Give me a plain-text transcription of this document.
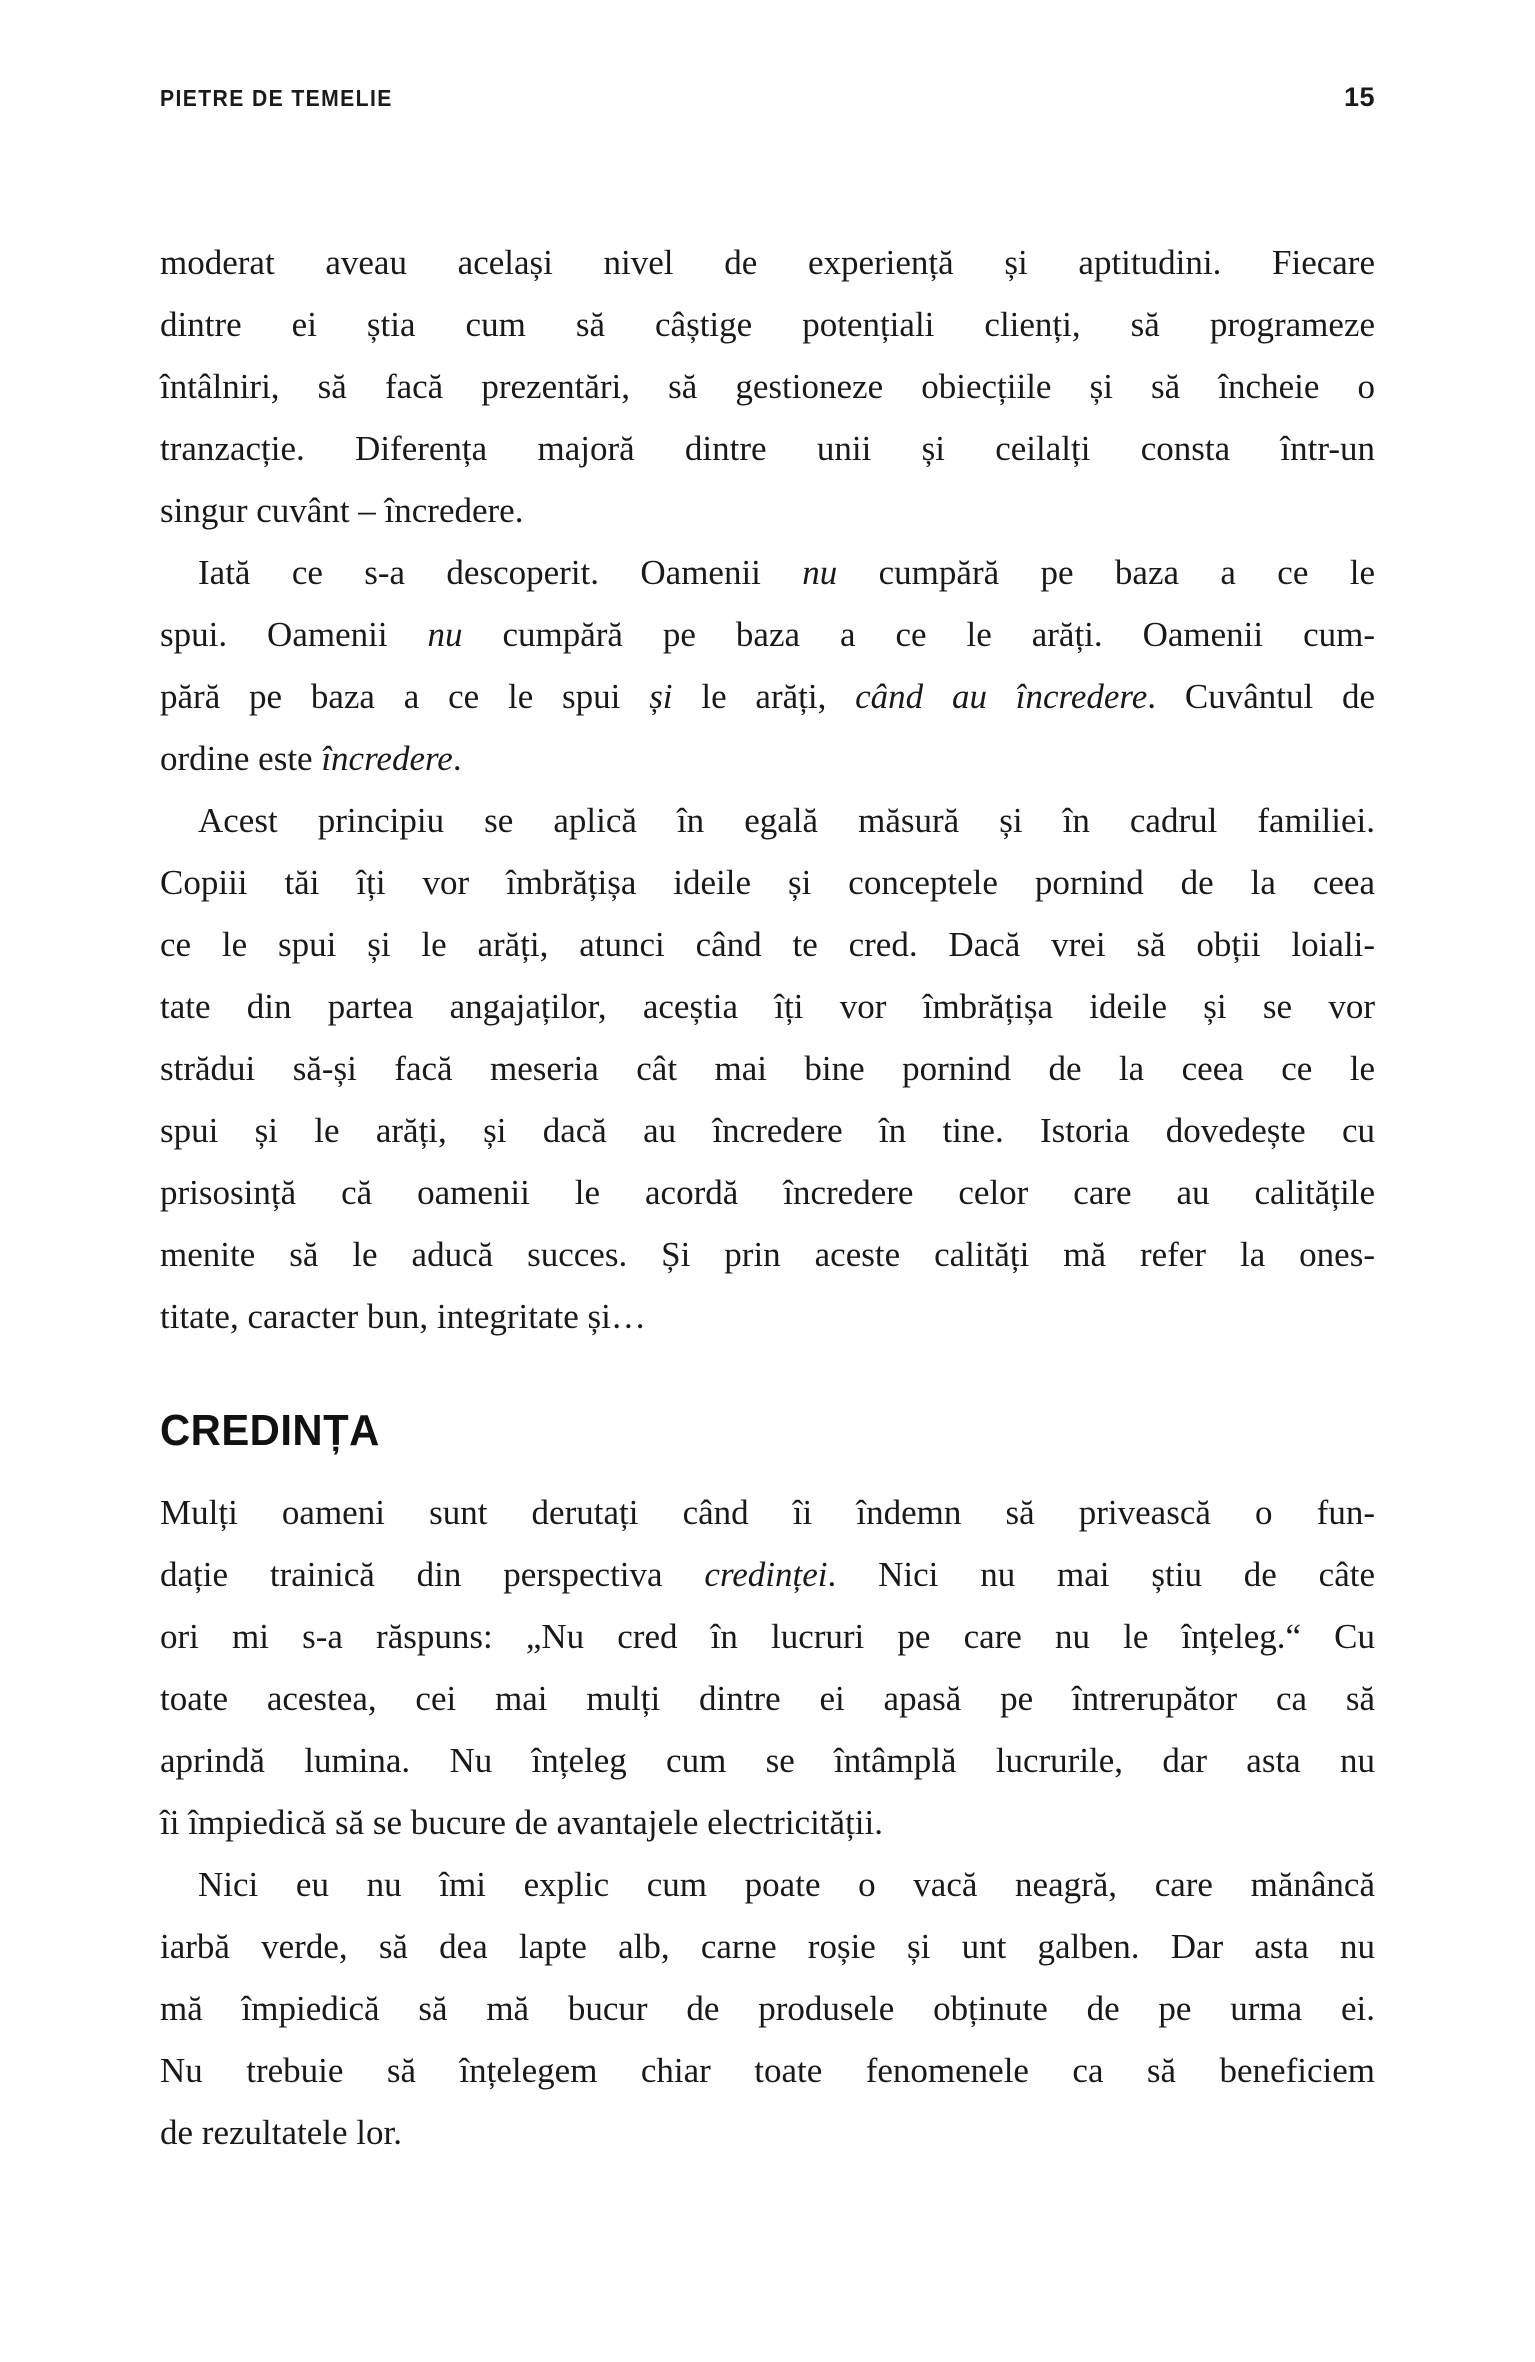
PIETRE DE TEMELIE	15
moderat aveau același nivel de experiență și aptitudini. Fiecare
dintre ei știa cum să câștige potențiali clienți, să programeze
întâlniri, să facă prezentări, să gestioneze obiecțiile și să încheie o
tranzacție. Diferența majoră dintre unii și ceilalți consta într-un
singur cuvânt – încredere.
Iată ce s-a descoperit. Oamenii nu cumpără pe baza a ce le
spui. Oamenii nu cumpără pe baza a ce le arăți. Oamenii cum-
pără pe baza a ce le spui și le arăți, când au încredere. Cuvântul de
ordine este încredere.
Acest principiu se aplică în egală măsură și în cadrul familiei.
Copiii tăi îți vor îmbrățișa ideile și conceptele pornind de la ceea
ce le spui și le arăți, atunci când te cred. Dacă vrei să obții loiali-
tate din partea angajaților, aceștia îți vor îmbrățișa ideile și se vor
strădui să-și facă meseria cât mai bine pornind de la ceea ce le
spui și le arăți, și dacă au încredere în tine. Istoria dovedește cu
prisosință că oamenii le acordă încredere celor care au calitățile
menite să le aducă succes. Și prin aceste calități mă refer la ones-
titate, caracter bun, integritate și…
CREDINȚA
Mulți oameni sunt derutați când îi îndemn să privească o fun-
dație trainică din perspectiva credinței. Nici nu mai știu de câte
ori mi s-a răspuns: „Nu cred în lucruri pe care nu le înțeleg.“ Cu
toate acestea, cei mai mulți dintre ei apasă pe întrerupător ca să
aprindă lumina. Nu înțeleg cum se întâmplă lucrurile, dar asta nu
îi împiedică să se bucure de avantajele electricității.
Nici eu nu îmi explic cum poate o vacă neagră, care mănâncă
iarbă verde, să dea lapte alb, carne roșie și unt galben. Dar asta nu
mă împiedică să mă bucur de produsele obținute de pe urma ei.
Nu trebuie să înțelegem chiar toate fenomenele ca să beneficiem
de rezultatele lor.
